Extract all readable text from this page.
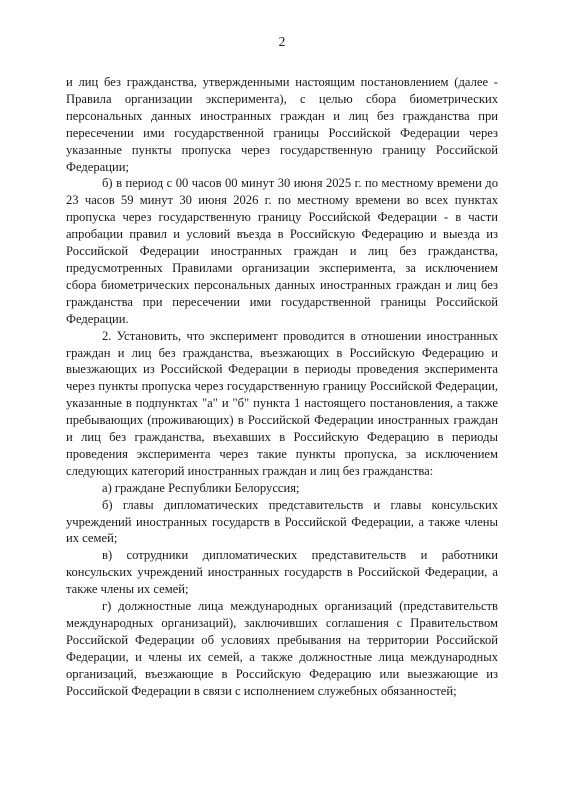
2

и лиц без гражданства, утвержденными настоящим постановлением (далее - Правила организации эксперимента), с целью сбора биометрических персональных данных иностранных граждан и лиц без гражданства при пересечении ими государственной границы Российской Федерации через указанные пункты пропуска через государственную границу Российской Федерации;

б) в период с 00 часов 00 минут 30 июня 2025 г. по местному времени до 23 часов 59 минут 30 июня 2026 г. по местному времени во всех пунктах пропуска через государственную границу Российской Федерации - в части апробации правил и условий въезда в Российскую Федерацию и выезда из Российской Федерации иностранных граждан и лиц без гражданства, предусмотренных Правилами организации эксперимента, за исключением сбора биометрических персональных данных иностранных граждан и лиц без гражданства при пересечении ими государственной границы Российской Федерации.

2. Установить, что эксперимент проводится в отношении иностранных граждан и лиц без гражданства, въезжающих в Российскую Федерацию и выезжающих из Российской Федерации в периоды проведения эксперимента через пункты пропуска через государственную границу Российской Федерации, указанные в подпунктах "а" и "б" пункта 1 настоящего постановления, а также пребывающих (проживающих) в Российской Федерации иностранных граждан и лиц без гражданства, въехавших в Российскую Федерацию в периоды проведения эксперимента через такие пункты пропуска, за исключением следующих категорий иностранных граждан и лиц без гражданства:

а) граждане Республики Белоруссия;

б) главы дипломатических представительств и главы консульских учреждений иностранных государств в Российской Федерации, а также члены их семей;

в) сотрудники дипломатических представительств и работники консульских учреждений иностранных государств в Российской Федерации, а также члены их семей;

г) должностные лица международных организаций (представительств международных организаций), заключивших соглашения с Правительством Российской Федерации об условиях пребывания на территории Российской Федерации, и члены их семей, а также должностные лица международных организаций, въезжающие в Российскую Федерацию или выезжающие из Российской Федерации в связи с исполнением служебных обязанностей;
